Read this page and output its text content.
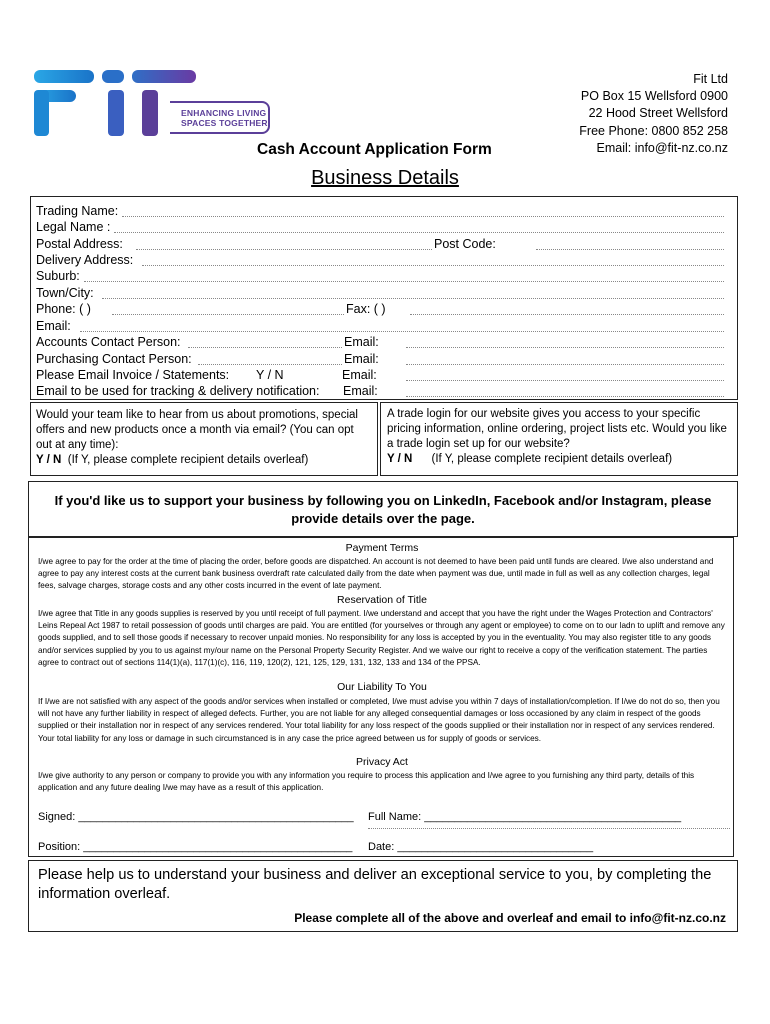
ENHANCING LIVING
SPACES TOGETHER
Fit Ltd
PO Box 15 Wellsford 0900
22 Hood Street Wellsford
Free Phone: 0800 852 258
Email: info@fit-nz.co.nz
Cash Account Application Form
Business Details
Trading Name:
Legal Name :
Postal Address:	Post Code:
Delivery Address:
Suburb:
Town/City:
Phone: ( )	Fax: ( )
Email:
Accounts Contact Person:	Email:
Purchasing Contact Person:	Email:
Please Email Invoice / Statements: Y / N	Email:
Email to be used for tracking & delivery notification: Email:
Would your team like to hear from us about promotions, special offers and new products once a month via email? (You can opt out at any time):
Y / N (If Y, please complete recipient details overleaf)
A trade login for our website gives you access to your specific pricing information, online ordering, project lists etc. Would you like a trade login set up for our website?
Y / N (If Y, please complete recipient details overleaf)
If you'd like us to support your business by following you on LinkedIn, Facebook and/or Instagram, please provide details over the page.
Payment Terms
I/we agree to pay for the order at the time of placing the order, before goods are dispatched. An account is not deemed to have been paid until funds are cleared. I/we also understand and agree to pay any interest costs at the current bank business overdraft rate calculated daily from the date when payment was due, until made in full as well as any collection charges, legal fees, salvage charges, storage costs and any other costs incurred in the event of late payment.
Reservation of Title
I/we agree that Title in any goods supplies is reserved by you until receipt of full payment. I/we understand and accept that you have the right under the Wages Protection and Contractors' Leins Repeal Act 1987 to retail possession of goods until charges are paid. You are entitled (for yourselves or through any agent or employee) to come on to our ladn to uplift and remove any goods supplied, and to sell those goods if necessary to recover unpaid monies. No responsibility for any loss is accepted by you in the eventuality. You may also register title to any goods and/or services supplied by you to us against my/our name on the Personal Property Security Register. And we waive our right to receive a copy of the verification statement. The parties agree to contract out of sections 114(1)(a), 117(1)(c), 116, 119, 120(2), 121, 125, 129, 131, 132, 133 and 134 of the PPSA.
Our Liability To You
If I/we are not satisfied with any aspect of the goods and/or services when installed or completed, I/we must advise you within 7 days of installation/completion. If I/we do not do so, then you will not have any further liability in respect of alleged defects. Further, you are not liable for any alleged consequential damages or loss occasioned by any claim in respect of the goods supplied or their installation nor in respect of any services rendered. Your total liability for any loss respect of the goods supplied or their installation nor in respect of any services rendered. Your total liability for any loss or damage in such circumstanced is in any case the price agreed between us for supply of goods or services.
Privacy Act
I/we give authority to any person or company to provide you with any information you require to process this application and I/we agree to you furnishing any third party, details of this application and any future dealing I/we may have as a result of this application.
Signed: _____________________________________________ Full Name: __________________________________________
Position: ____________________________________________ Date: ________________________________
Please help us to understand your business and deliver an exceptional service to you, by completing the information overleaf.
Please complete all of the above and overleaf and email to info@fit-nz.co.nz
